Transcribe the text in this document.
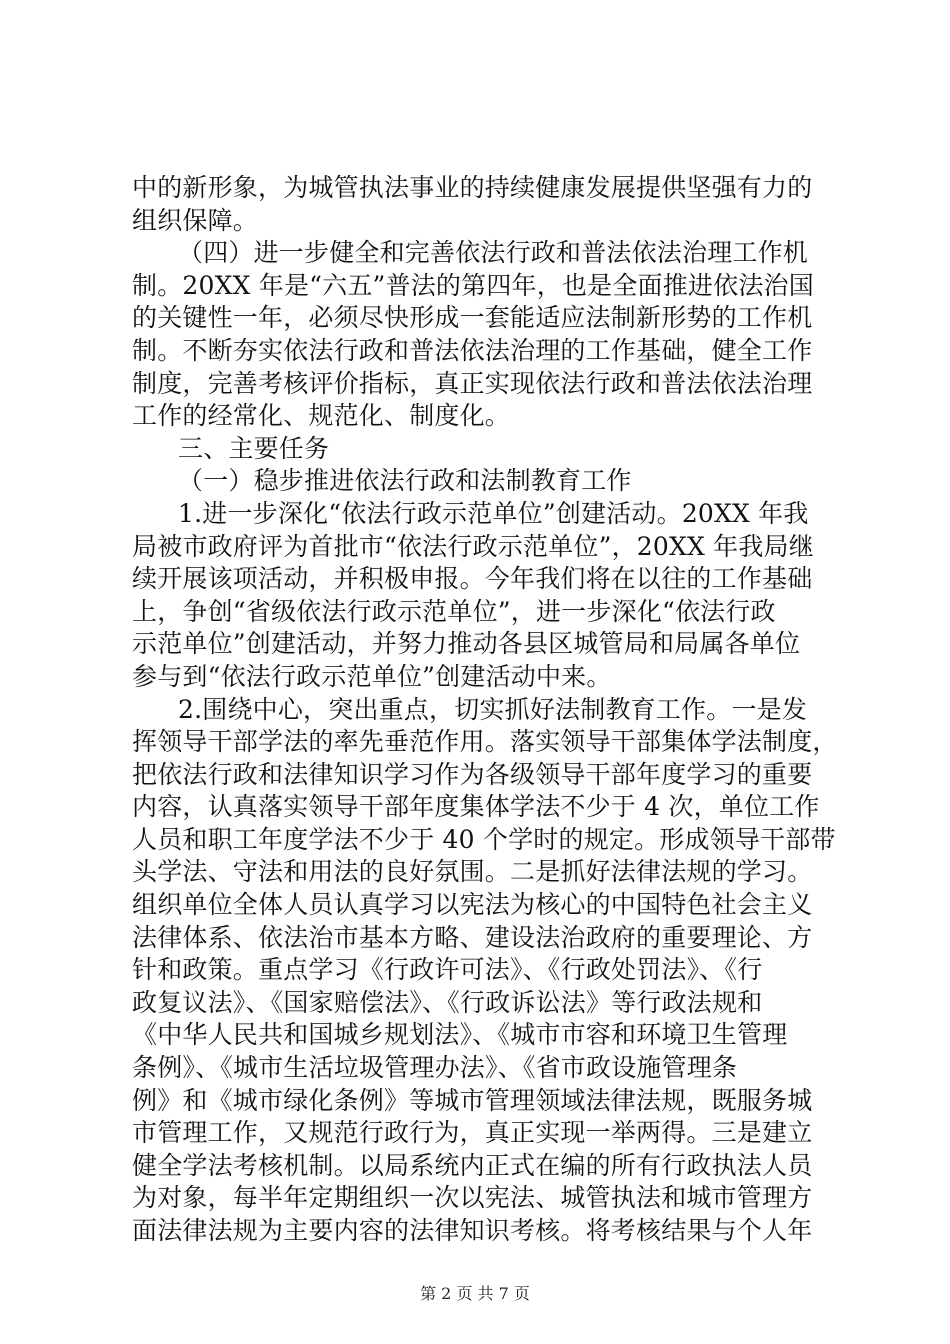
中的新形象，为城管执法事业的持续健康发展提供坚强有力的
组织保障。
（四）进一步健全和完善依法行政和普法依法治理工作机
制。20XX 年是“六五”普法的第四年，也是全面推进依法治国
的关键性一年，必须尽快形成一套能适应法制新形势的工作机
制。不断夯实依法行政和普法依法治理的工作基础，健全工作
制度，完善考核评价指标，真正实现依法行政和普法依法治理
工作的经常化、规范化、制度化。
三、主要任务
（一）稳步推进依法行政和法制教育工作
1.进一步深化“依法行政示范单位”创建活动。20XX 年我
局被市政府评为首批市“依法行政示范单位”，20XX 年我局继
续开展该项活动，并积极申报。今年我们将在以往的工作基础
上，争创“省级依法行政示范单位”，进一步深化“依法行政
示范单位”创建活动，并努力推动各县区城管局和局属各单位
参与到“依法行政示范单位”创建活动中来。
2.围绕中心，突出重点，切实抓好法制教育工作。一是发
挥领导干部学法的率先垂范作用。落实领导干部集体学法制度，
把依法行政和法律知识学习作为各级领导干部年度学习的重要
内容，认真落实领导干部年度集体学法不少于 4 次，单位工作
人员和职工年度学法不少于 40 个学时的规定。形成领导干部带
头学法、守法和用法的良好氛围。二是抓好法律法规的学习。
组织单位全体人员认真学习以宪法为核心的中国特色社会主义
法律体系、依法治市基本方略、建设法治政府的重要理论、方
针和政策。重点学习《行政许可法》、《行政处罚法》、《行
政复议法》、《国家赔偿法》、《行政诉讼法》等行政法规和
《中华人民共和国城乡规划法》、《城市市容和环境卫生管理
条例》、《城市生活垃圾管理办法》、《省市政设施管理条
例》和《城市绿化条例》等城市管理领域法律法规，既服务城
市管理工作，又规范行政行为，真正实现一举两得。三是建立
健全学法考核机制。以局系统内正式在编的所有行政执法人员
为对象，每半年定期组织一次以宪法、城管执法和城市管理方
面法律法规为主要内容的法律知识考核。将考核结果与个人年
第 2 页 共 7 页
